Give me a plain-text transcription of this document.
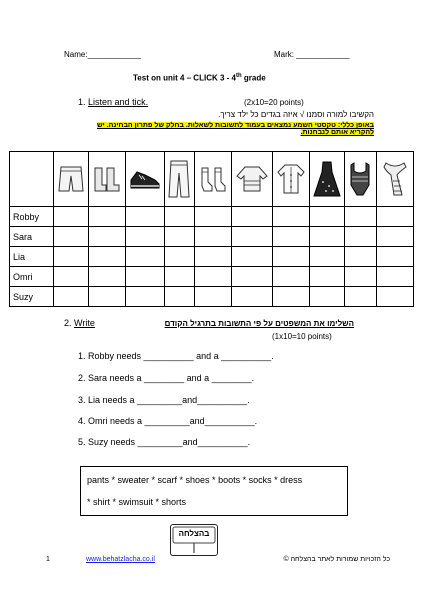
Name:____________	Mark: ____________
Test on unit 4 – CLICK 3 - 4th grade
1. Listen and tick.	(2x10=20 points)
הקשיבו למורה וסמנו √ איזה בגדים כל ילד צריך.
באופן כללי: טקסטי השמע נמצאים בעמוד לתשובות לשאלות. בחלק של פתרון הבחינה. יש
להקריא אותם לנבחנות.

Robby										
Sara										
Lia										
Omri										
Suzy										
2. Write	השלימו את המשפטים על פי התשובות בתרגיל הקודם
(1x10=10 points)
1. Robby needs __________ and a __________.
2. Sara needs a ________ and a ________.
3. Lia needs a _________and__________.
4. Omri needs a _________and__________.
5. Suzy needs _________and__________.
pants * sweater * scarf * shoes * boots * socks * dress
* shirt * swimsuit * shorts
בהצלחה
1	www.behatzlacha.co.il	כל הזכויות שמורות לאתר בהצלחה ©
